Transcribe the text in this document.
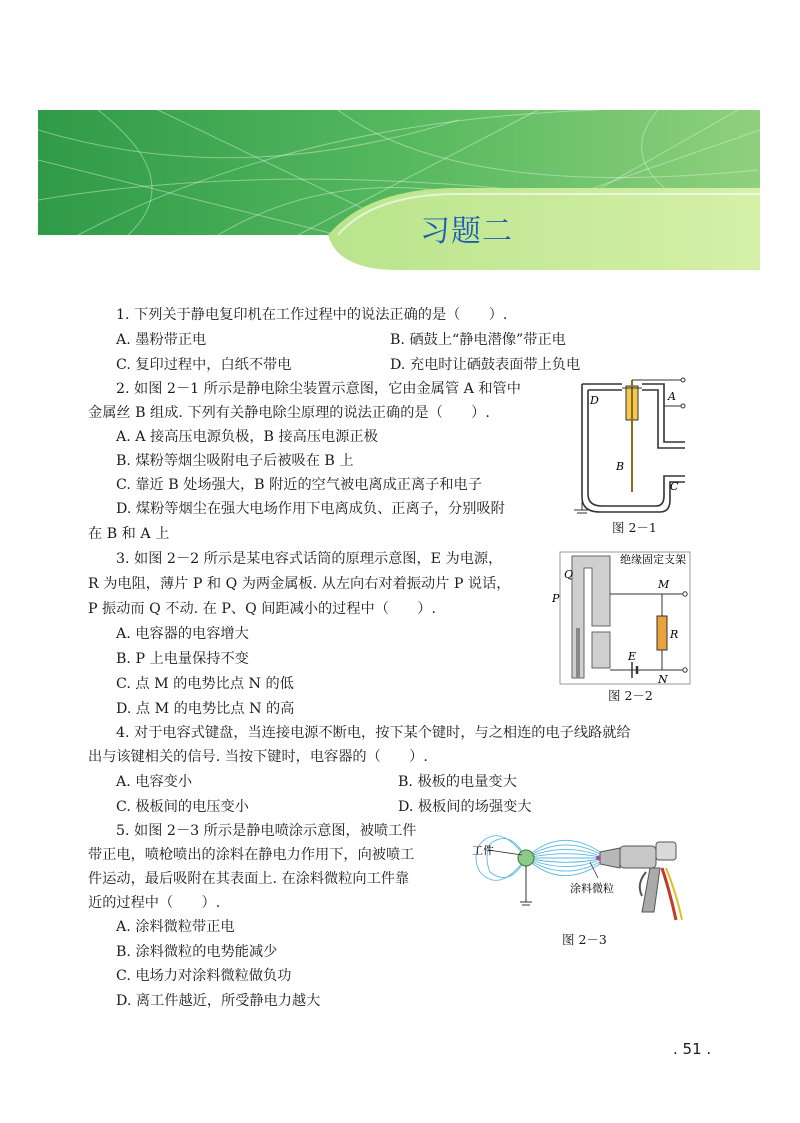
习题二
1. 下列关于静电复印机在工作过程中的说法正确的是（　　）.
A. 墨粉带正电	B. 硒鼓上“静电潜像”带正电
C. 复印过程中，白纸不带电	D. 充电时让硒鼓表面带上负电
2. 如图 2－1 所示是静电除尘装置示意图，它由金属管 A 和管中
金属丝 B 组成. 下列有关静电除尘原理的说法正确的是（　　）.
A. A 接高压电源负极，B 接高压电源正极
B. 煤粉等烟尘吸附电子后被吸在 B 上
C. 靠近 B 处场强大，B 附近的空气被电离成正离子和电子
D. 煤粉等烟尘在强大电场作用下电离成负、正离子，分别吸附
在 B 和 A 上
D	A
B
C
图 2－1
3. 如图 2－2 所示是某电容式话筒的原理示意图，E 为电源，
R 为电阻，薄片 P 和 Q 为两金属板. 从左向右对着振动片 P 说话，
P 振动而 Q 不动. 在 P、Q 间距减小的过程中（　　）.
A. 电容器的电容增大
B. P 上电量保持不变
C. 点 M 的电势比点 N 的低
D. 点 M 的电势比点 N 的高
绝缘固定支架
Q
P
M
R
E
N
图 2－2
4. 对于电容式键盘，当连接电源不断电，按下某个键时，与之相连的电子线路就给
出与该键相关的信号. 当按下键时，电容器的（　　）.
A. 电容变小	B. 极板的电量变大
C. 极板间的电压变小	D. 极板间的场强变大
5. 如图 2－3 所示是静电喷涂示意图，被喷工件
带正电，喷枪喷出的涂料在静电力作用下，向被喷工
件运动，最后吸附在其表面上. 在涂料微粒向工件靠
近的过程中（　　）.
A. 涂料微粒带正电
B. 涂料微粒的电势能减少
C. 电场力对涂料微粒做负功
D. 离工件越近，所受静电力越大
工件
涂料微粒
图 2－3
. 51 .
